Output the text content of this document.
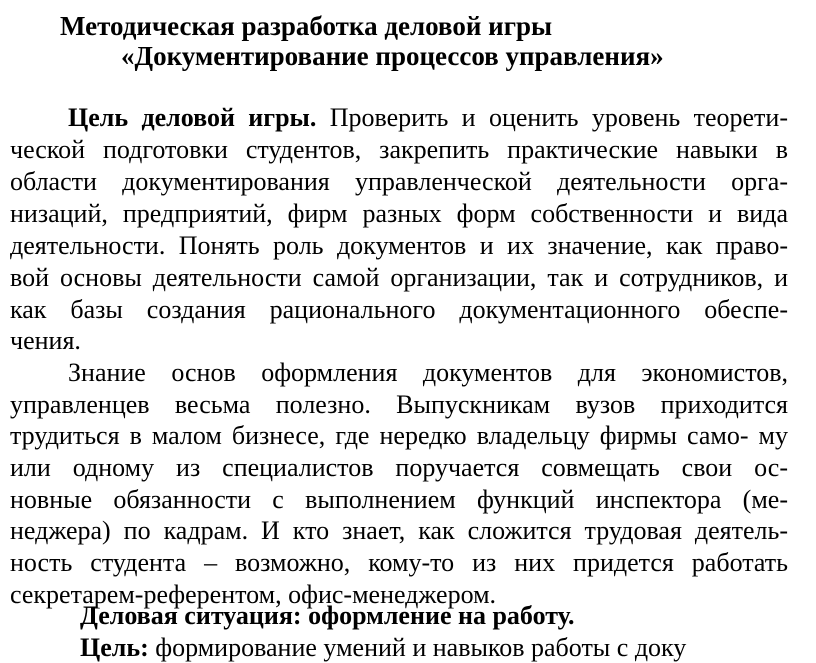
Методическая разработка деловой игры
«Документирование процессов управления»
Цель деловой игры. Проверить и оценить уровень теорети-
ческой подготовки студентов, закрепить практические навыки в
области документирования управленческой деятельности орга-
низаций, предприятий, фирм разных форм собственности и вида
деятельности. Понять роль документов и их значение, как право-
вой основы деятельности самой организации, так и сотрудников, и
как базы создания рационального документационного обеспе-
чения.
Знание основ оформления документов для экономистов,
управленцев весьма полезно. Выпускникам вузов приходится
трудиться в малом бизнесе, где нередко владельцу фирмы само- му
или одному из специалистов поручается совмещать свои ос-
новные обязанности с выполнением функций инспектора (ме-
неджера) по кадрам. И кто знает, как сложится трудовая деятель-
ность студента – возможно, кому-то из них придется работать
секретарем-референтом, офис-менеджером.
Деловая ситуация: оформление на работу.
Цель: формирование умений и навыков работы с доку
